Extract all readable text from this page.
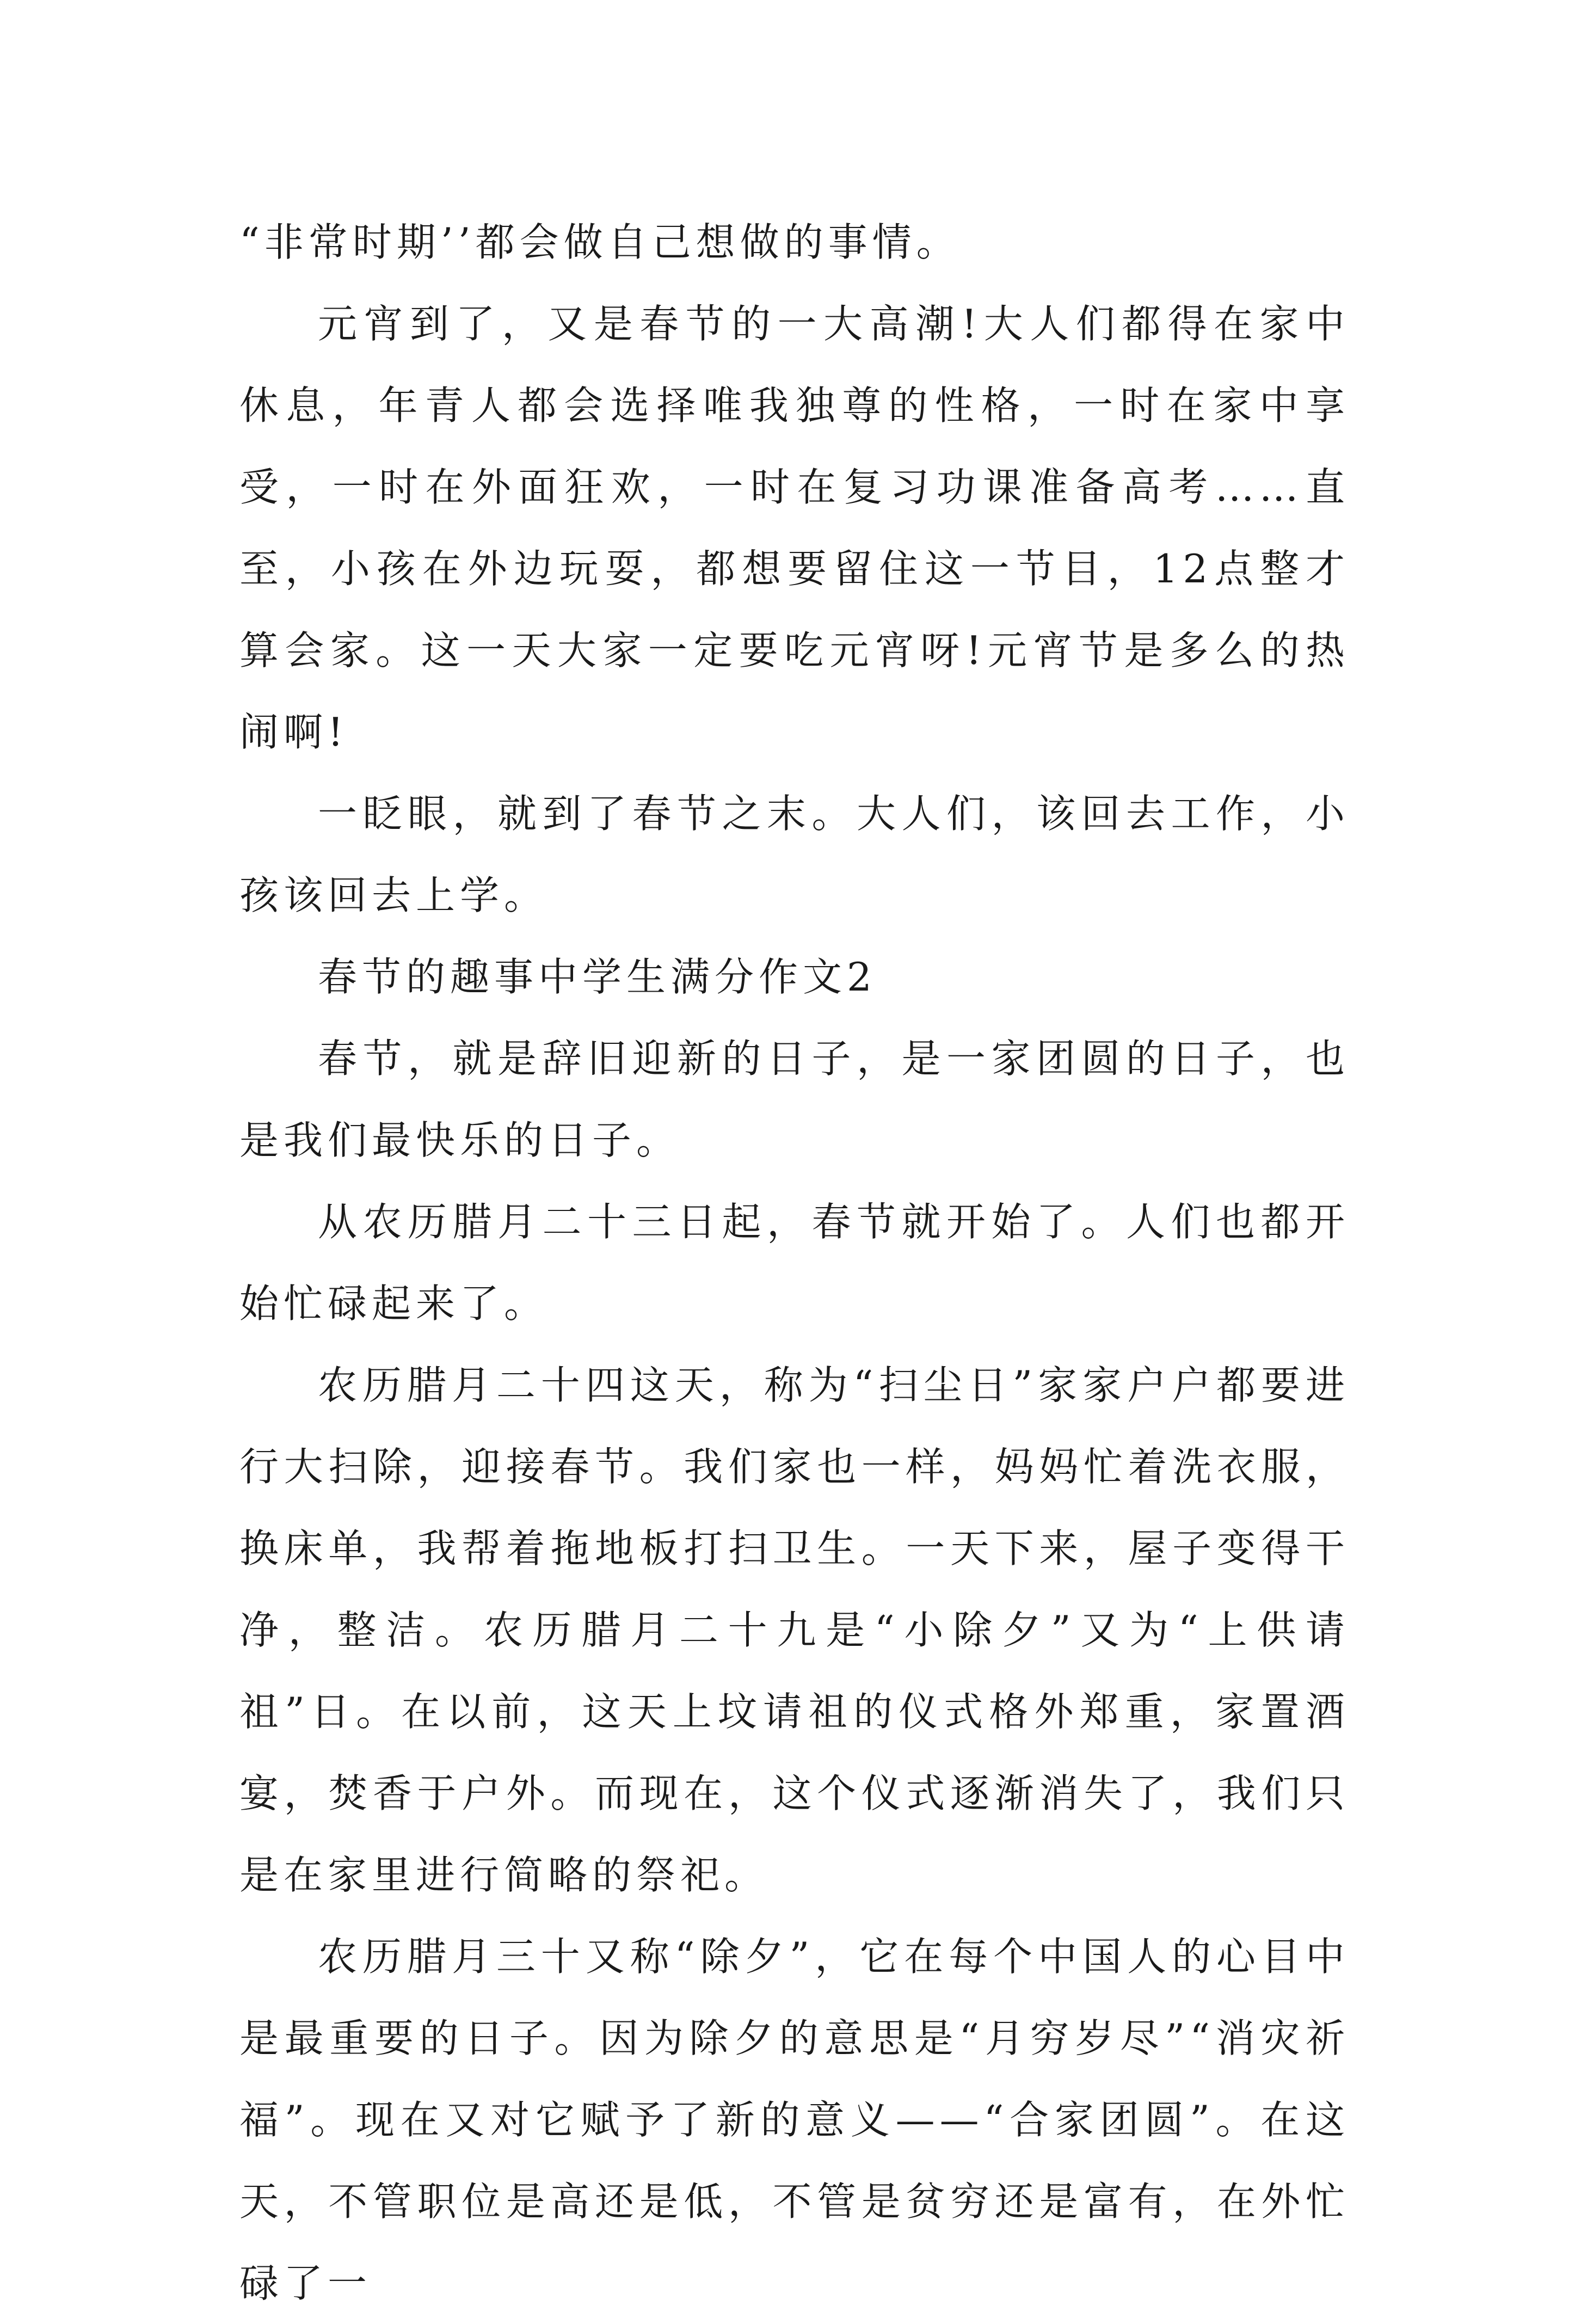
“非常时期’’都会做自己想做的事情。

元宵到了，又是春节的一大高潮!大人们都得在家中休息，年青人都会选择唯我独尊的性格，一时在家中享受，一时在外面狂欢，一时在复习功课准备高考……直至，小孩在外边玩耍，都想要留住这一节目，12点整才算会家。这一天大家一定要吃元宵呀!元宵节是多么的热闹啊!

一眨眼，就到了春节之末。大人们，该回去工作，小孩该回去上学。

春节的趣事中学生满分作文2

春节，就是辞旧迎新的日子，是一家团圆的日子，也是我们最快乐的日子。

从农历腊月二十三日起，春节就开始了。人们也都开始忙碌起来了。

农历腊月二十四这天，称为“扫尘日”家家户户都要进行大扫除，迎接春节。我们家也一样，妈妈忙着洗衣服，换床单，我帮着拖地板打扫卫生。一天下来，屋子变得干净，整洁。农历腊月二十九是“小除夕”又为“上供请祖”日。在以前，这天上坟请祖的仪式格外郑重，家置酒宴，焚香于户外。而现在，这个仪式逐渐消失了，我们只是在家里进行简略的祭祀。

农历腊月三十又称“除夕”，它在每个中国人的心目中是最重要的日子。因为除夕的意思是“月穷岁尽”“消灾祈福”。现在又对它赋予了新的意义——“合家团圆”。在这天，不管职位是高还是低，不管是贫穷还是富有，在外忙碌了一
